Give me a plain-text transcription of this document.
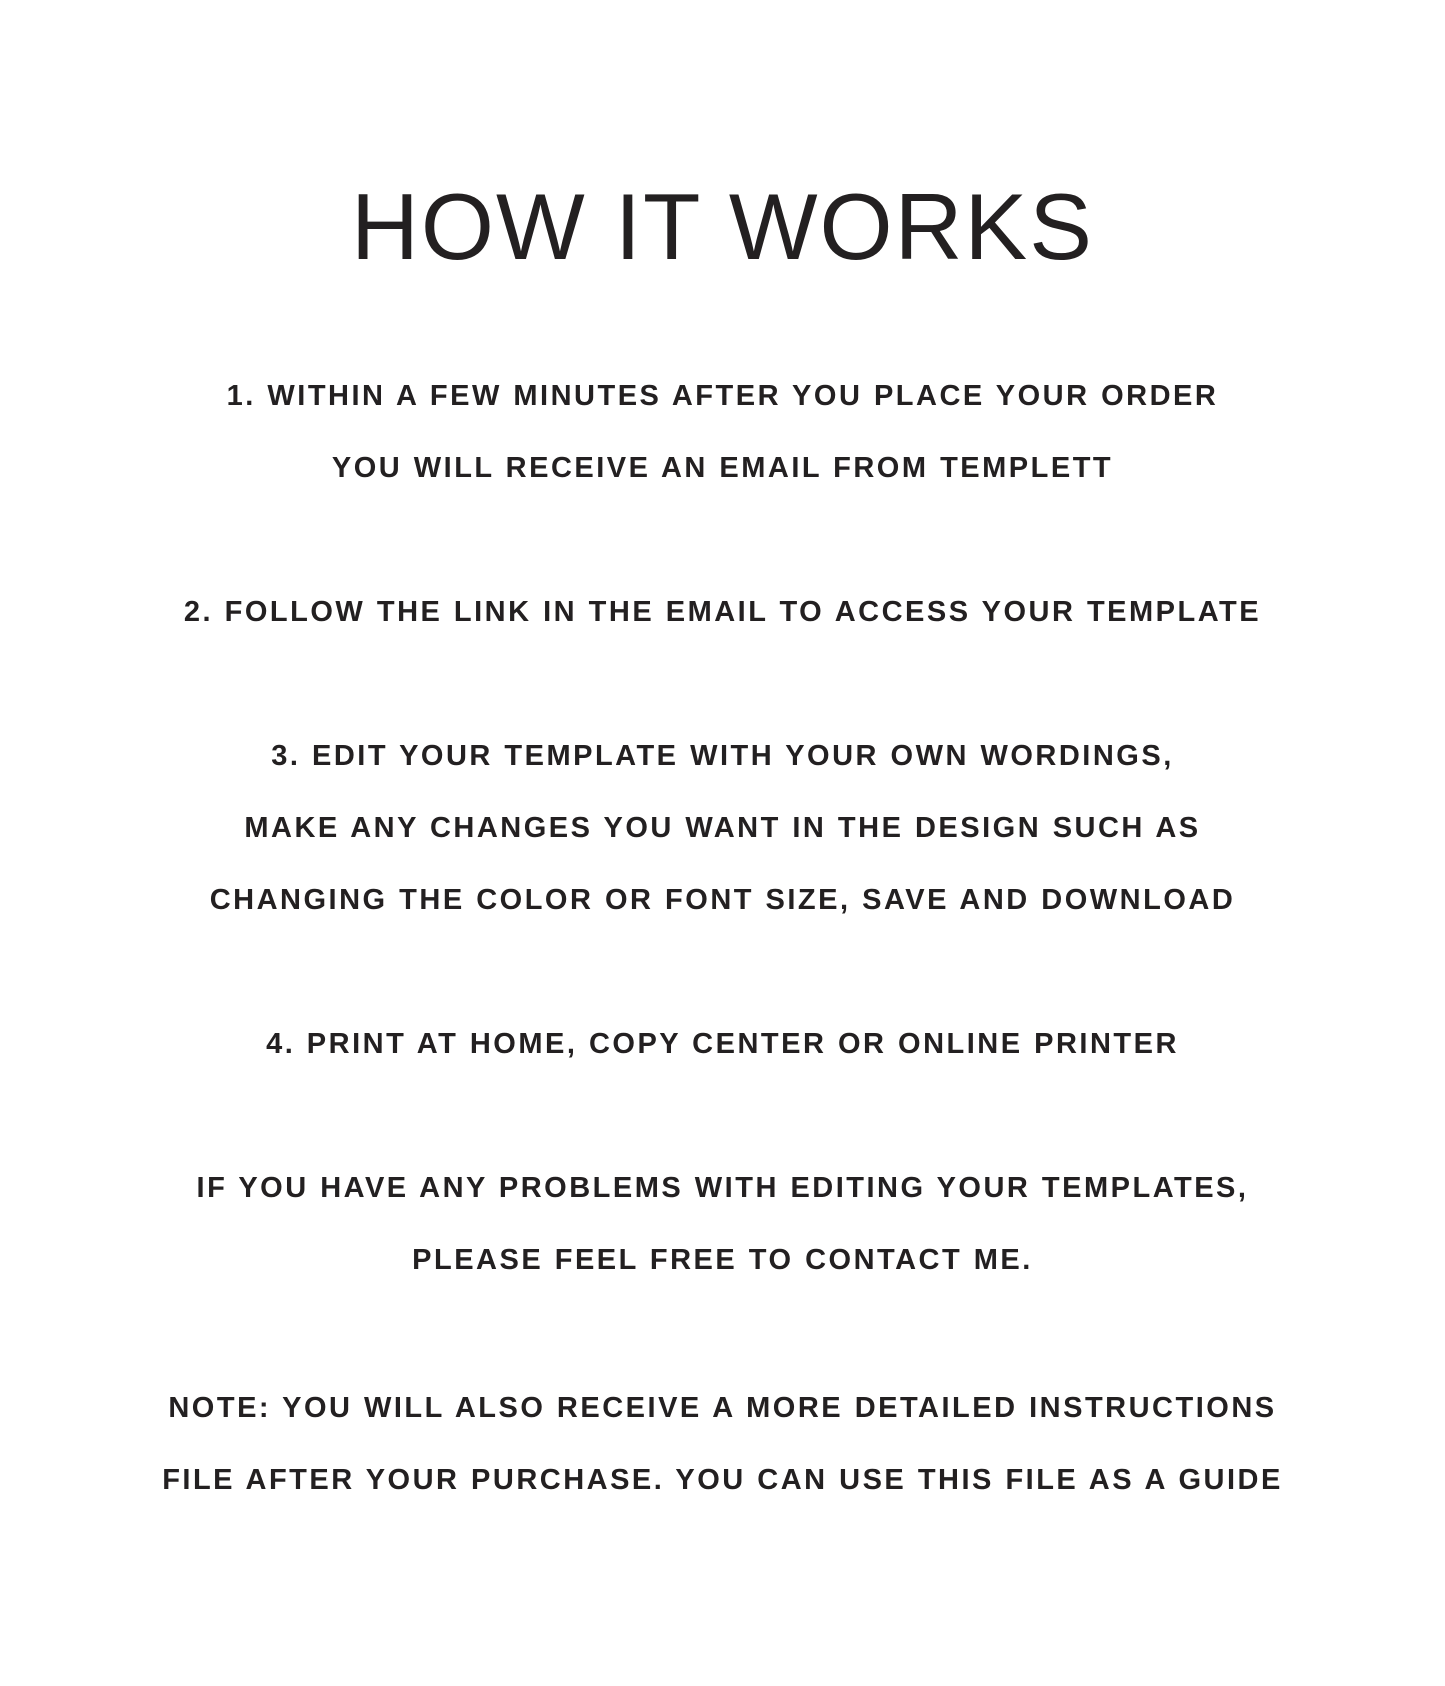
HOW IT WORKS
1. WITHIN A FEW MINUTES AFTER YOU PLACE YOUR ORDER
YOU WILL RECEIVE AN EMAIL FROM TEMPLETT
2. FOLLOW THE LINK IN THE EMAIL TO ACCESS YOUR TEMPLATE
3. EDIT YOUR TEMPLATE WITH YOUR OWN WORDINGS,
MAKE ANY CHANGES YOU WANT IN THE DESIGN SUCH AS
CHANGING THE COLOR OR FONT SIZE, SAVE AND DOWNLOAD
4. PRINT AT HOME, COPY CENTER OR ONLINE PRINTER
IF YOU HAVE ANY PROBLEMS WITH EDITING YOUR TEMPLATES,
PLEASE FEEL FREE TO CONTACT ME.
NOTE: YOU WILL ALSO RECEIVE A MORE DETAILED INSTRUCTIONS
FILE AFTER YOUR PURCHASE. YOU CAN USE THIS FILE AS A GUIDE
